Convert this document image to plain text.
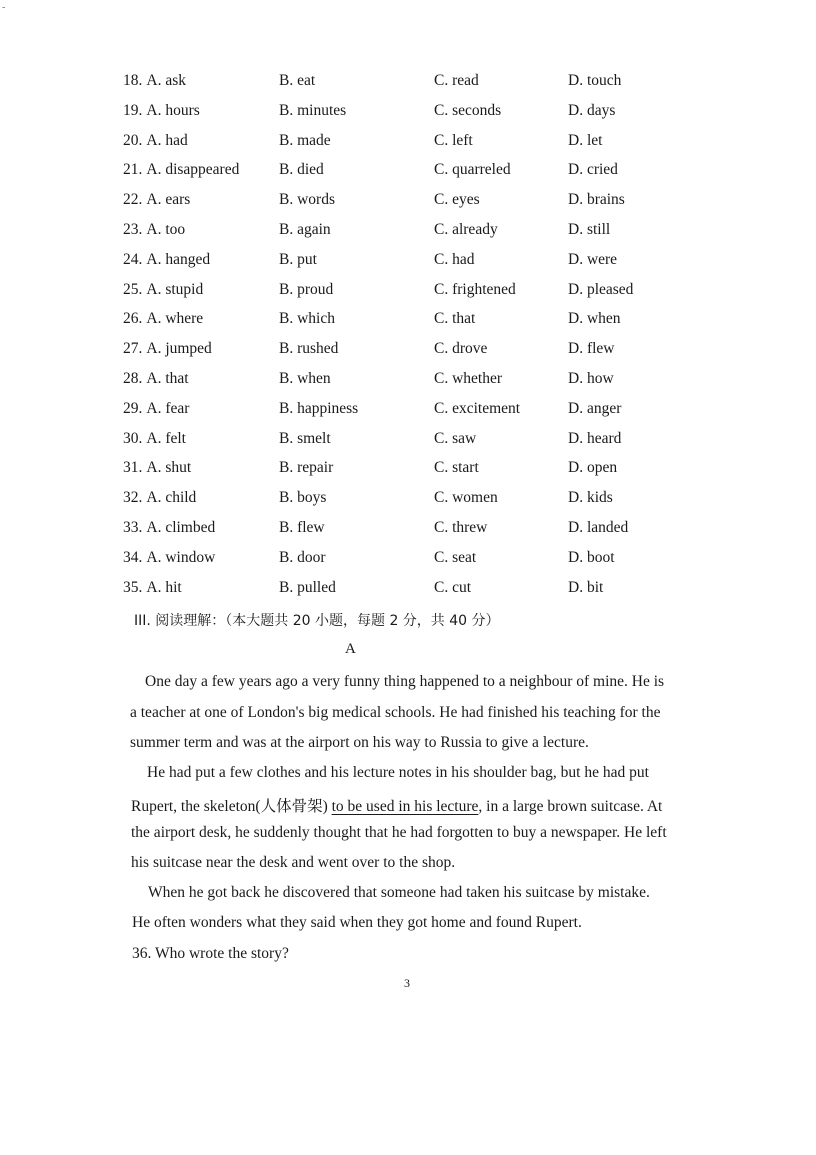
-
18. A. ask	B. eat	C. read	D. touch
19. A. hours	B. minutes	C. seconds	D. days
20. A. had	B. made	C. left	D. let
21. A. disappeared	B. died	C. quarreled	D. cried
22. A. ears	B. words	C. eyes	D. brains
23. A. too	B. again	C. already	D. still
24. A. hanged	B. put	C. had	D. were
25. A. stupid	B. proud	C. frightened	D. pleased
26. A. where	B. which	C. that	D. when
27. A. jumped	B. rushed	C. drove	D. flew
28. A. that	B. when	C. whether	D. how
29. A. fear	B. happiness	C. excitement	D. anger
30. A. felt	B. smelt	C. saw	D. heard
31. A. shut	B. repair	C. start	D. open
32. A. child	B. boys	C. women	D. kids
33. A. climbed	B. flew	C. threw	D. landed
34. A. window	B. door	C. seat	D. boot
35. A. hit	B. pulled	C. cut	D. bit
III. 阅读理解：（本大题共 20 小题，每题 2 分，共 40 分）
A
One day a few years ago a very funny thing happened to a neighbour of mine. He is
a teacher at one of London's big medical schools. He had finished his teaching for the
summer term and was at the airport on his way to Russia to give a lecture.
He had put a few clothes and his lecture notes in his shoulder bag, but he had put
Rupert, the skeleton(人体骨架) to be used in his lecture, in a large brown suitcase. At
the airport desk, he suddenly thought that he had forgotten to buy a newspaper. He left
his suitcase near the desk and went over to the shop.
When he got back he discovered that someone had taken his suitcase by mistake.
He often wonders what they said when they got home and found Rupert.
36. Who wrote the story?
3
